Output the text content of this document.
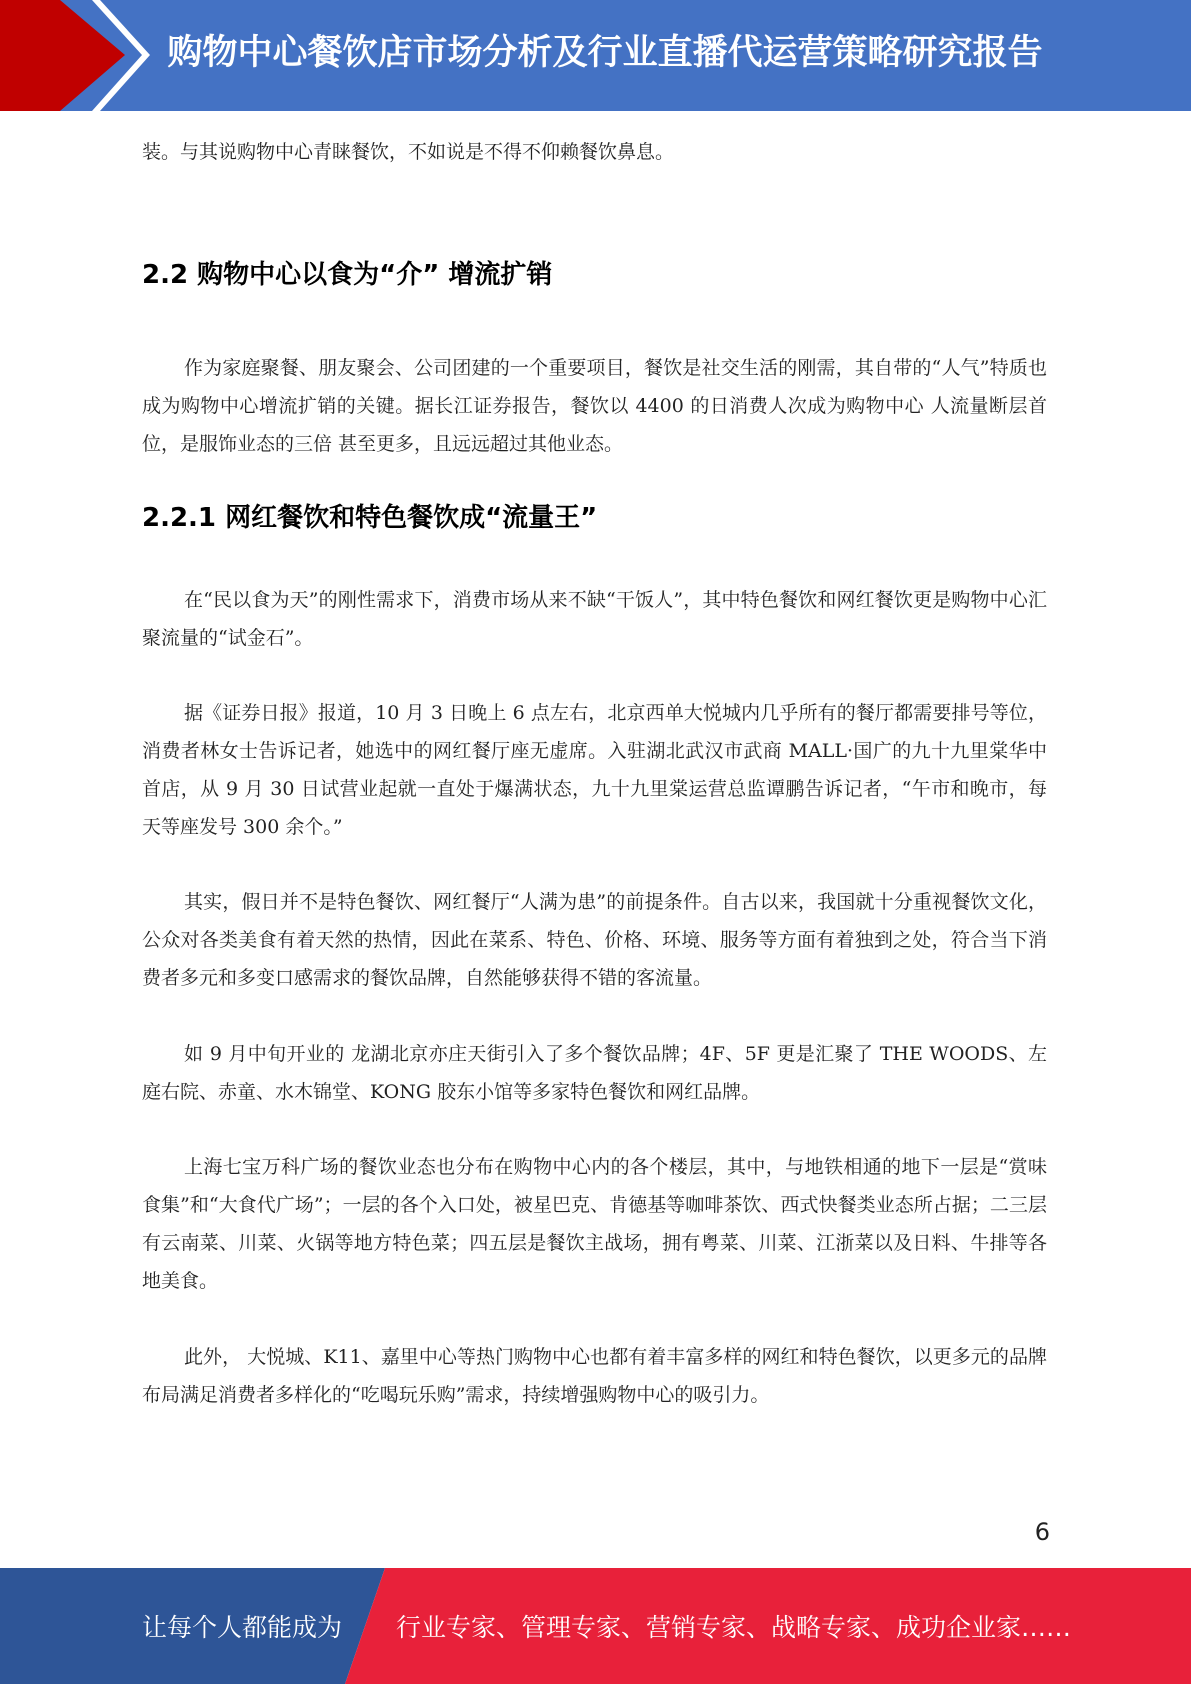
购物中心餐饮店市场分析及行业直播代运营策略研究报告
装。与其说购物中心青睐餐饮，不如说是不得不仰赖餐饮鼻息。
2.2 购物中心以食为“介” 增流扩销
作为家庭聚餐、朋友聚会、公司团建的一个重要项目，餐饮是社交生活的刚需，其自带的“人气”特质也成为购物中心增流扩销的关键。据长江证券报告，餐饮以 4400 的日消费人次成为购物中心 人流量断层首位，是服饰业态的三倍 甚至更多，且远远超过其他业态。
2.2.1 网红餐饮和特色餐饮成“流量王”
在“民以食为天”的刚性需求下，消费市场从来不缺“干饭人”，其中特色餐饮和网红餐饮更是购物中心汇聚流量的“试金石”。
据《证券日报》报道，10 月 3 日晚上 6 点左右，北京西单大悦城内几乎所有的餐厅都需要排号等位，消费者林女士告诉记者，她选中的网红餐厅座无虚席。入驻湖北武汉市武商 MALL·国广的九十九里棠华中首店，从 9 月 30 日试营业起就一直处于爆满状态，九十九里棠运营总监谭鹏告诉记者，“午市和晚市，每天等座发号 300 余个。”
其实，假日并不是特色餐饮、网红餐厅“人满为患”的前提条件。自古以来，我国就十分重视餐饮文化，公众对各类美食有着天然的热情，因此在菜系、特色、价格、环境、服务等方面有着独到之处，符合当下消费者多元和多变口感需求的餐饮品牌，自然能够获得不错的客流量。
如 9 月中旬开业的 龙湖北京亦庄天街引入了多个餐饮品牌；4F、5F 更是汇聚了 THE WOODS、左庭右院、赤童、水木锦堂、KONG 胶东小馆等多家特色餐饮和网红品牌。
上海七宝万科广场的餐饮业态也分布在购物中心内的各个楼层，其中，与地铁相通的地下一层是“赏味食集”和“大食代广场”；一层的各个入口处，被星巴克、肯德基等咖啡茶饮、西式快餐类业态所占据；二三层有云南菜、川菜、火锅等地方特色菜；四五层是餐饮主战场，拥有粤菜、川菜、江浙菜以及日料、牛排等各地美食。
此外， 大悦城、K11、嘉里中心等热门购物中心也都有着丰富多样的网红和特色餐饮，以更多元的品牌布局满足消费者多样化的“吃喝玩乐购”需求，持续增强购物中心的吸引力。
6
让每个人都能成为 行业专家、管理专家、营销专家、战略专家、成功企业家……
